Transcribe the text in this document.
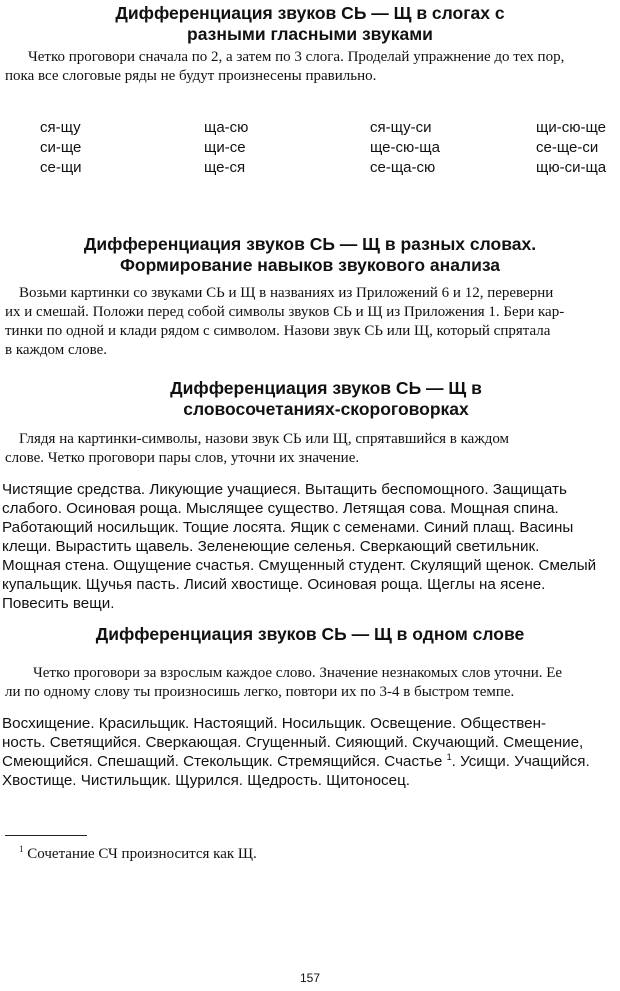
Дифференциация звуков СЬ — Щ в слогах с
разными гласными звуками
Четко проговори сначала по 2, а затем по 3 слога. Проделай упражнение до тех пор,
пока все слоговые ряды не будут произнесены правильно.
ся-щу
си-ще
се-щи
ща-сю
щи-се
ще-ся
ся-щу-си
ще-сю-ща
се-ща-сю
щи-сю-ще
се-ще-си
щю-си-ща
Дифференциация звуков СЬ — Щ в разных словах.
Формирование навыков звукового анализа
Возьми картинки со звуками СЬ и Щ в названиях из Приложений 6 и 12, переверни
их и смешай. Положи перед собой символы звуков СЬ и Щ из Приложения 1. Бери кар-
тинки по одной и клади рядом с символом. Назови звук СЬ или Щ, который спрятала
в каждом слове.
Дифференциация звуков СЬ — Щ в
словосочетаниях-скороговорках
Глядя на картинки-символы, назови звук СЬ или Щ, спрятавшийся в каждом
слове. Четко проговори пары слов, уточни их значение.
Чистящие средства. Ликующие учащиеся. Вытащить беспомощного. Защищать
слабого. Осиновая роща. Мыслящее существо. Летящая сова. Мощная спина.
Работающий носильщик. Тощие лосята. Ящик с семенами. Синий плащ. Васины
клещи. Вырастить щавель. Зеленеющие селенья. Сверкающий светильник.
Мощная стена. Ощущение счастья. Смущенный студент. Скулящий щенок. Смелый
купальщик. Щучья пасть. Лисий хвостище. Осиновая роща. Щеглы на ясене.
Повесить вещи.
Дифференциация звуков СЬ — Щ в одном слове
Четко проговори за взрослым каждое слово. Значение незнакомых слов уточни. Ее
ли по одному слову ты произносишь легко, повтори их по 3-4 в быстром темпе.
Восхищение. Красильщик. Настоящий. Носильщик. Освещение. Обществен-
ность. Светящийся. Сверкающая. Сгущенный. Сияющий. Скучающий. Смещение,
Смеющийся. Спешащий. Стекольщик. Стремящийся. Счастье $^1$. Усищи. Учащийся.
Хвостище. Чистильщик. Щурился. Щедрость. Щитоносец.
$^1$ Сочетание СЧ произносится как Щ.
157
